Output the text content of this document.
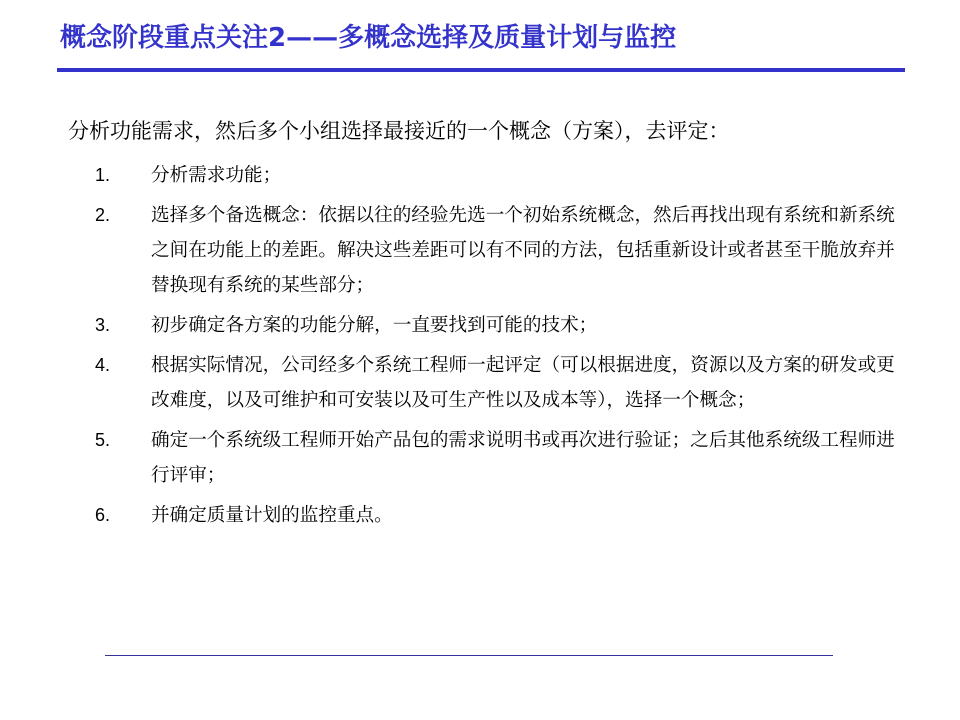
概念阶段重点关注2——多概念选择及质量计划与监控
分析功能需求，然后多个小组选择最接近的一个概念（方案），去评定：
1.	分析需求功能；
2.	选择多个备选概念：依据以往的经验先选一个初始系统概念，然后再找出现有系统和新系统之间在功能上的差距。解决这些差距可以有不同的方法，包括重新设计或者甚至干脆放弃并替换现有系统的某些部分；
3.	初步确定各方案的功能分解，一直要找到可能的技术；
4.	根据实际情况，公司经多个系统工程师一起评定（可以根据进度，资源以及方案的研发或更改难度，以及可维护和可安装以及可生产性以及成本等），选择一个概念；
5.	确定一个系统级工程师开始产品包的需求说明书或再次进行验证；之后其他系统级工程师进行评审；
6.	并确定质量计划的监控重点。
